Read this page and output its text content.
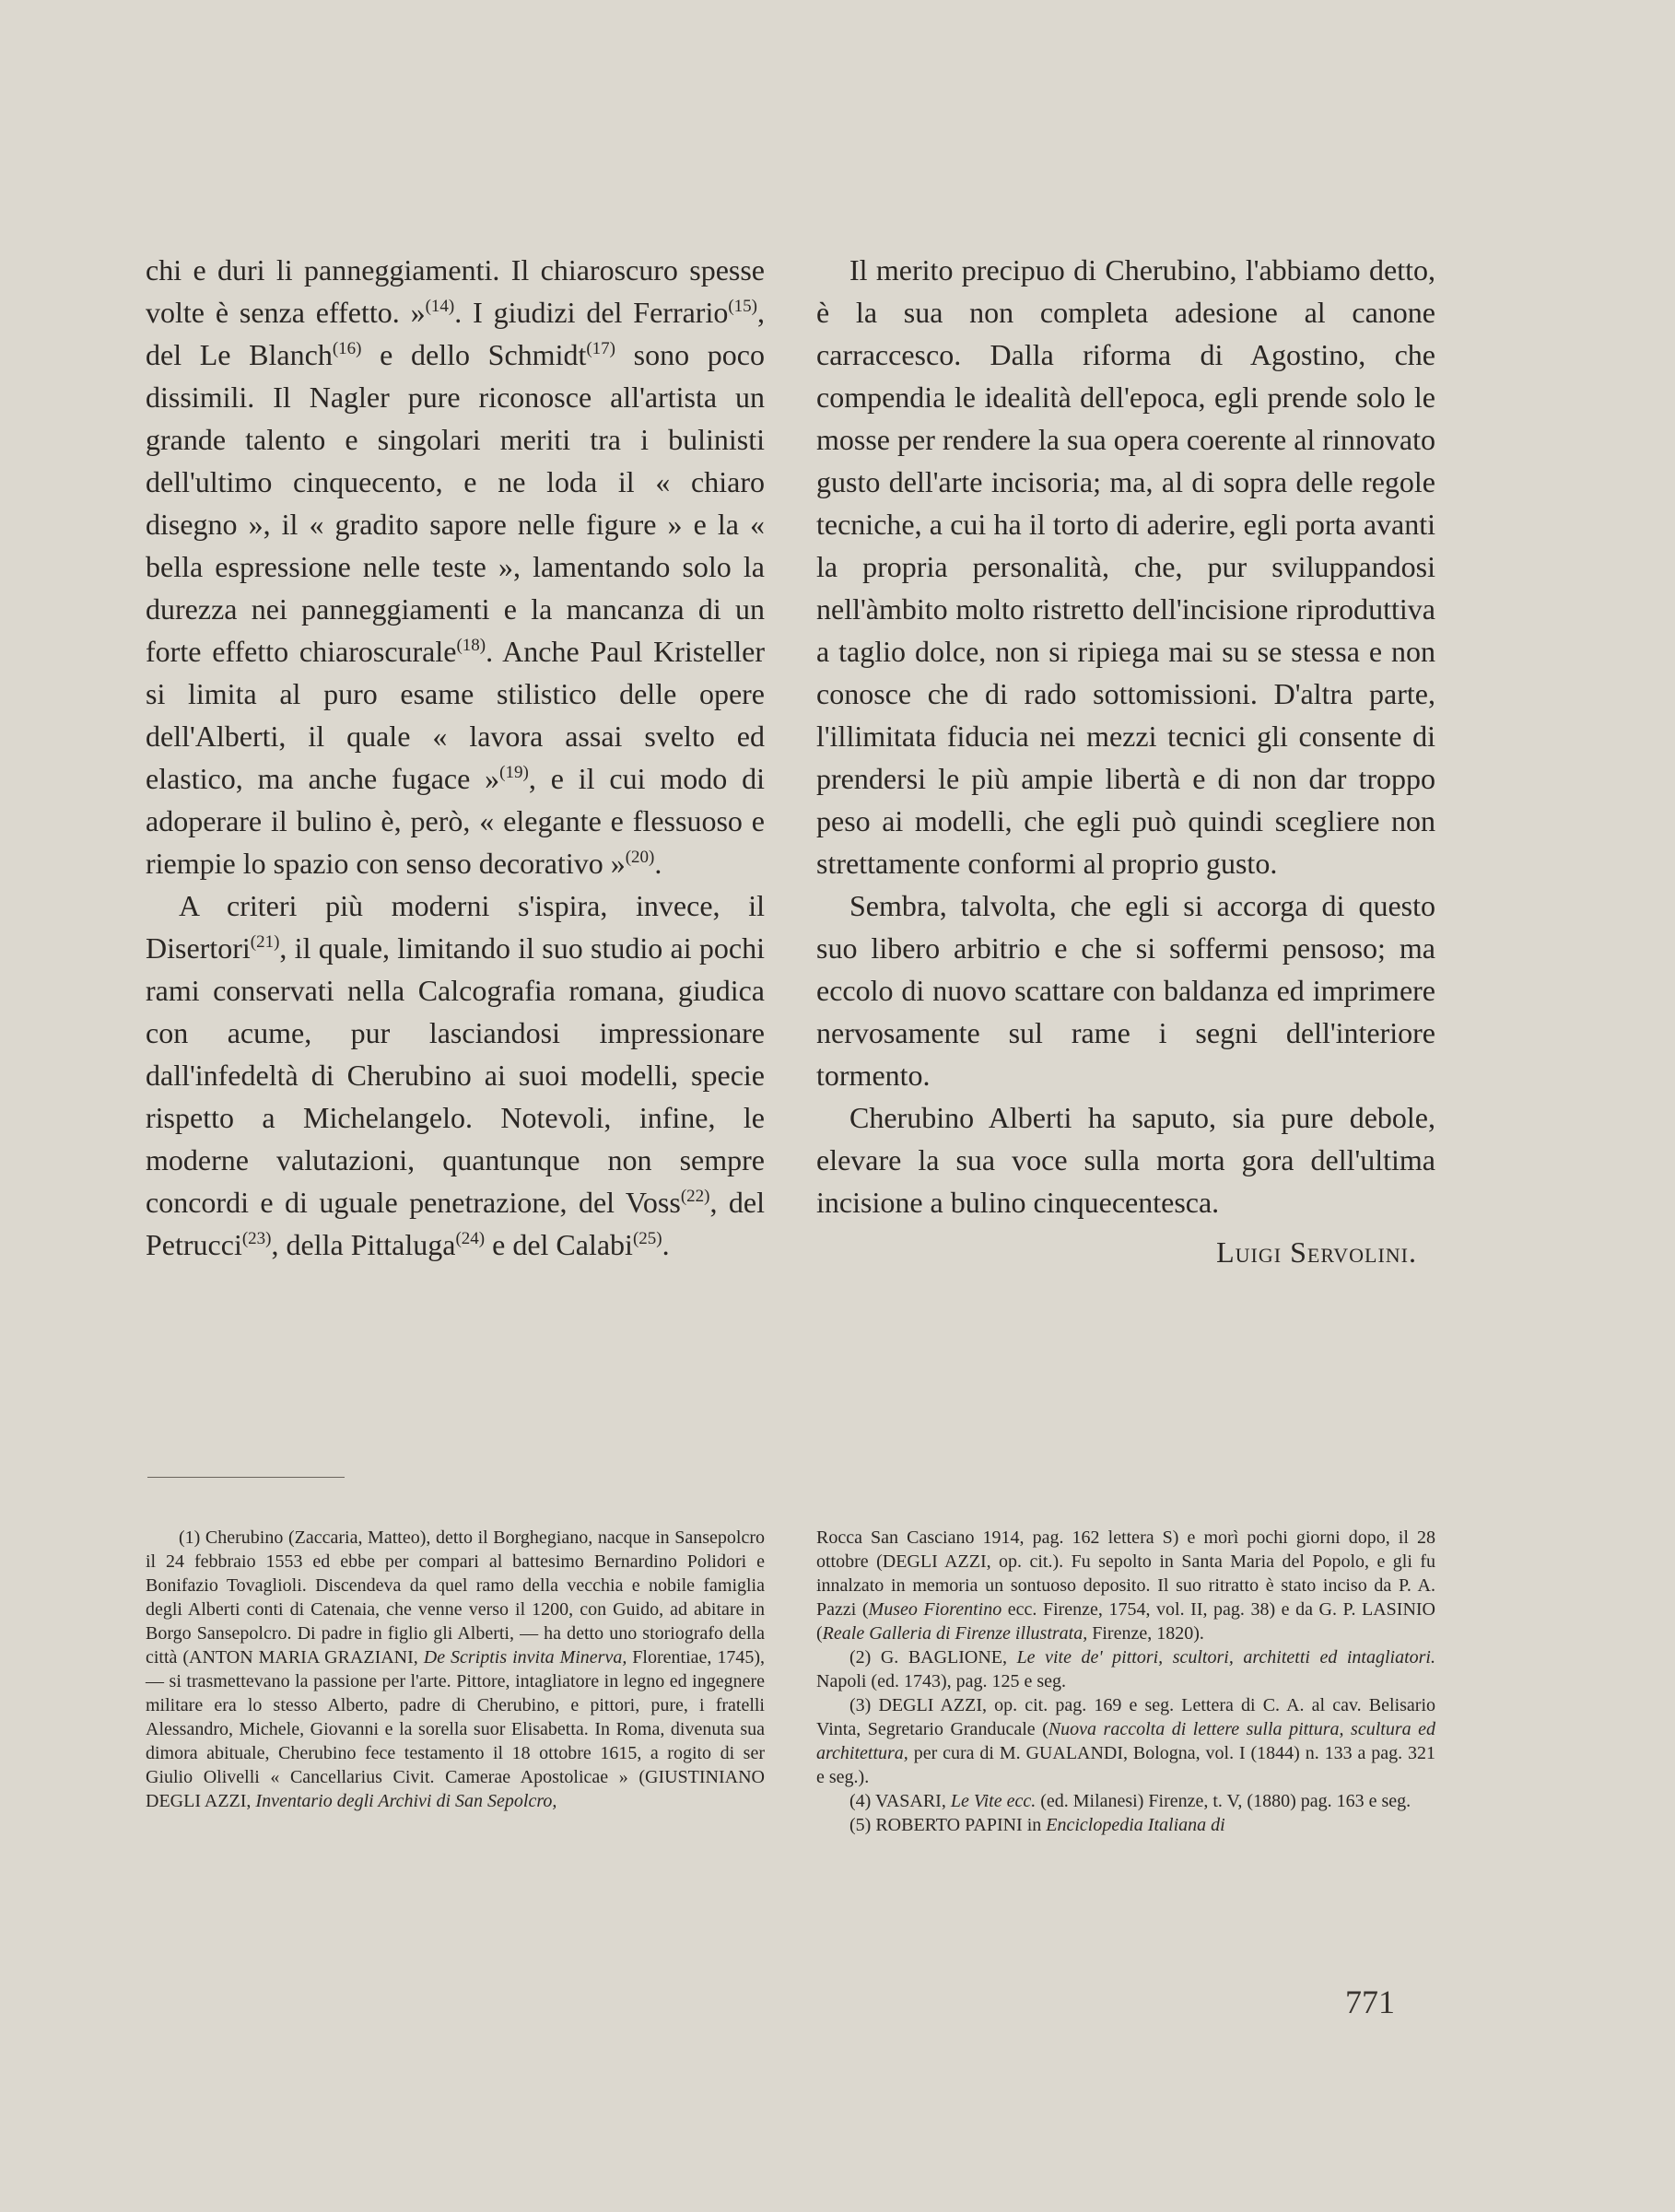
chi e duri li panneggiamenti. Il chiaroscuro spesse volte è senza effetto. »$^{(14)}$. I giudizi del Ferrario$^{(15)}$, del Le Blanch$^{(16)}$ e dello Schmidt$^{(17)}$ sono poco dissimili. Il Nagler pure riconosce all'artista un grande talento e singolari meriti tra i bulinisti dell'ultimo cinquecento, e ne loda il « chiaro disegno », il « gradito sapore nelle figure » e la « bella espressione nelle teste », lamentando solo la durezza nei panneggiamenti e la mancanza di un forte effetto chiaroscurale$^{(18)}$. Anche Paul Kristeller si limita al puro esame stilistico delle opere dell'Alberti, il quale « lavora assai svelto ed elastico, ma anche fugace »$^{(19)}$, e il cui modo di adoperare il bulino è, però, « elegante e flessuoso e riempie lo spazio con senso decorativo »$^{(20)}$.

A criteri più moderni s'ispira, invece, il Disertori$^{(21)}$, il quale, limitando il suo studio ai pochi rami conservati nella Calcografia romana, giudica con acume, pur lasciandosi impressionare dall'infedeltà di Cherubino ai suoi modelli, specie rispetto a Michelangelo. Notevoli, infine, le moderne valutazioni, quantunque non sempre concordi e di uguale penetrazione, del Voss$^{(22)}$, del Petrucci$^{(23)}$, della Pittaluga$^{(24)}$ e del Calabi$^{(25)}$.

Il merito precipuo di Cherubino, l'abbiamo detto, è la sua non completa adesione al canone carraccesco. Dalla riforma di Agostino, che compendia le idealità dell'epoca, egli prende solo le mosse per rendere la sua opera coerente al rinnovato gusto dell'arte incisoria; ma, al di sopra delle regole tecniche, a cui ha il torto di aderire, egli porta avanti la propria personalità, che, pur sviluppandosi nell'àmbito molto ristretto dell'incisione riproduttiva a taglio dolce, non si ripiega mai su se stessa e non conosce che di rado sottomissioni. D'altra parte, l'illimitata fiducia nei mezzi tecnici gli consente di prendersi le più ampie libertà e di non dar troppo peso ai modelli, che egli può quindi scegliere non strettamente conformi al proprio gusto.

Sembra, talvolta, che egli si accorga di questo suo libero arbitrio e che si soffermi pensoso; ma eccolo di nuovo scattare con baldanza ed imprimere nervosamente sul rame i segni dell'interiore tormento.

Cherubino Alberti ha saputo, sia pure debole, elevare la sua voce sulla morta gora dell'ultima incisione a bulino cinquecentesca.

Luigi Servolini.

(1) Cherubino (Zaccaria, Matteo), detto il Borghegiano, nacque in Sansepolcro il 24 febbraio 1553 ed ebbe per compari al battesimo Bernardino Polidori e Bonifazio Tovaglioli. Discendeva da quel ramo della vecchia e nobile famiglia degli Alberti conti di Catenaia, che venne verso il 1200, con Guido, ad abitare in Borgo Sansepolcro. Di padre in figlio gli Alberti, — ha detto uno storiografo della città (ANTON MARIA GRAZIANI, De Scriptis invita Minerva, Florentiae, 1745), — si trasmettevano la passione per l'arte. Pittore, intagliatore in legno ed ingegnere militare era lo stesso Alberto, padre di Cherubino, e pittori, pure, i fratelli Alessandro, Michele, Giovanni e la sorella suor Elisabetta. In Roma, divenuta sua dimora abituale, Cherubino fece testamento il 18 ottobre 1615, a rogito di ser Giulio Olivelli « Cancellarius Civit. Camerae Apostolicae » (GIUSTINIANO DEGLI AZZI, Inventario degli Archivi di San Sepolcro,

Rocca San Casciano 1914, pag. 162 lettera S) e morì pochi giorni dopo, il 28 ottobre (DEGLI AZZI, op. cit.). Fu sepolto in Santa Maria del Popolo, e gli fu innalzato in memoria un sontuoso deposito. Il suo ritratto è stato inciso da P. A. Pazzi (Museo Fiorentino ecc. Firenze, 1754, vol. II, pag. 38) e da G. P. LASINIO (Reale Galleria di Firenze illustrata, Firenze, 1820).

(2) G. BAGLIONE, Le vite de' pittori, scultori, architetti ed intagliatori. Napoli (ed. 1743), pag. 125 e seg.

(3) DEGLI AZZI, op. cit. pag. 169 e seg. Lettera di C. A. al cav. Belisario Vinta, Segretario Granducale (Nuova raccolta di lettere sulla pittura, scultura ed architettura, per cura di M. GUALANDI, Bologna, vol. I (1844) n. 133 a pag. 321 e seg.).

(4) VASARI, Le Vite ecc. (ed. Milanesi) Firenze, t. V, (1880) pag. 163 e seg.

(5) ROBERTO PAPINI in Enciclopedia Italiana di

771
